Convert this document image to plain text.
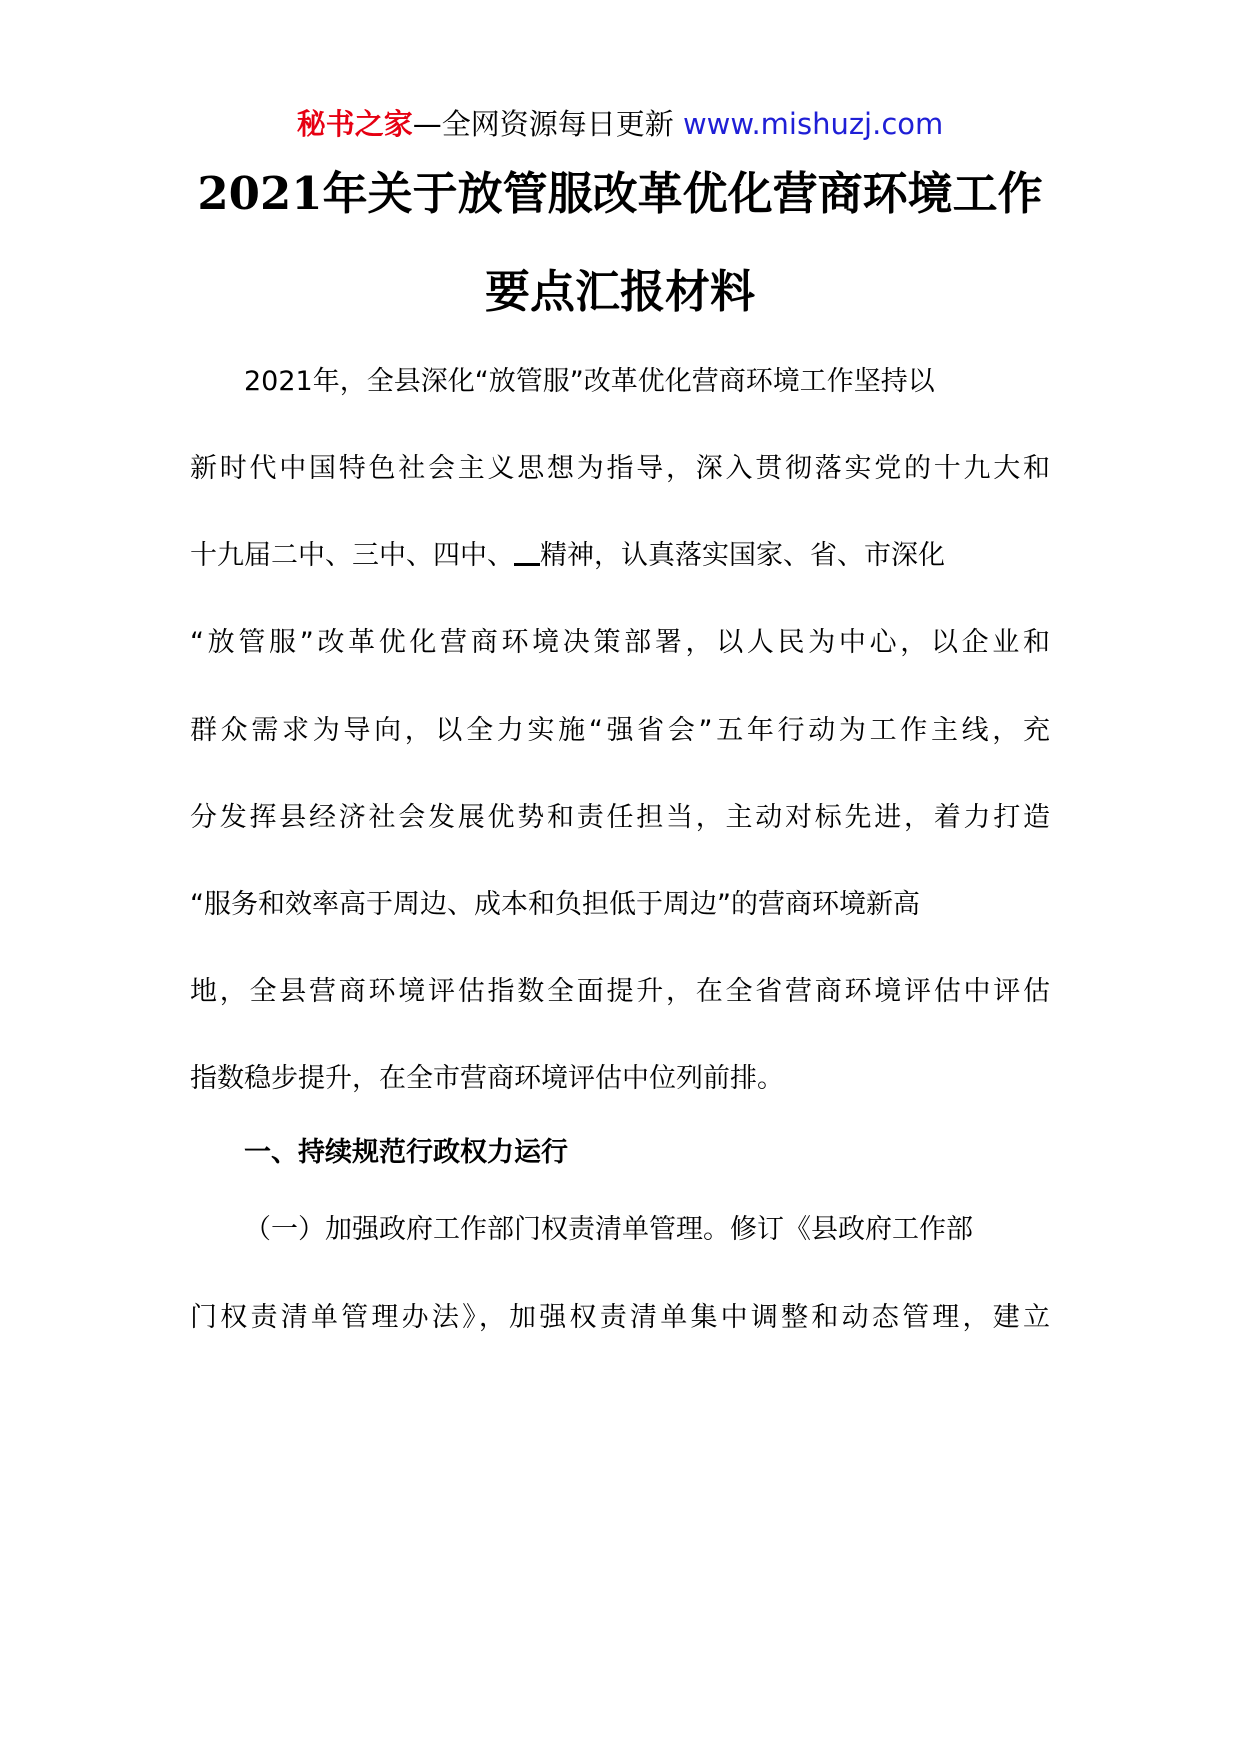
秘书之家—全网资源每日更新 www.mishuzj.com
2021年关于放管服改革优化营商环境工作
要点汇报材料
2021年，全县深化“放管服”改革优化营商环境工作坚持以
新时代中国特色社会主义思想为指导，深入贯彻落实党的十九大和
十九届二中、三中、四中、 精神，认真落实国家、省、市深化
“放管服”改革优化营商环境决策部署，以人民为中心，以企业和
群众需求为导向，以全力实施“强省会”五年行动为工作主线，充
分发挥县经济社会发展优势和责任担当，主动对标先进，着力打造
“服务和效率高于周边、成本和负担低于周边”的营商环境新高
地，全县营商环境评估指数全面提升，在全省营商环境评估中评估
指数稳步提升，在全市营商环境评估中位列前排。
一、持续规范行政权力运行
（一）加强政府工作部门权责清单管理。修订《县政府工作部
门权责清单管理办法》，加强权责清单集中调整和动态管理，建立
